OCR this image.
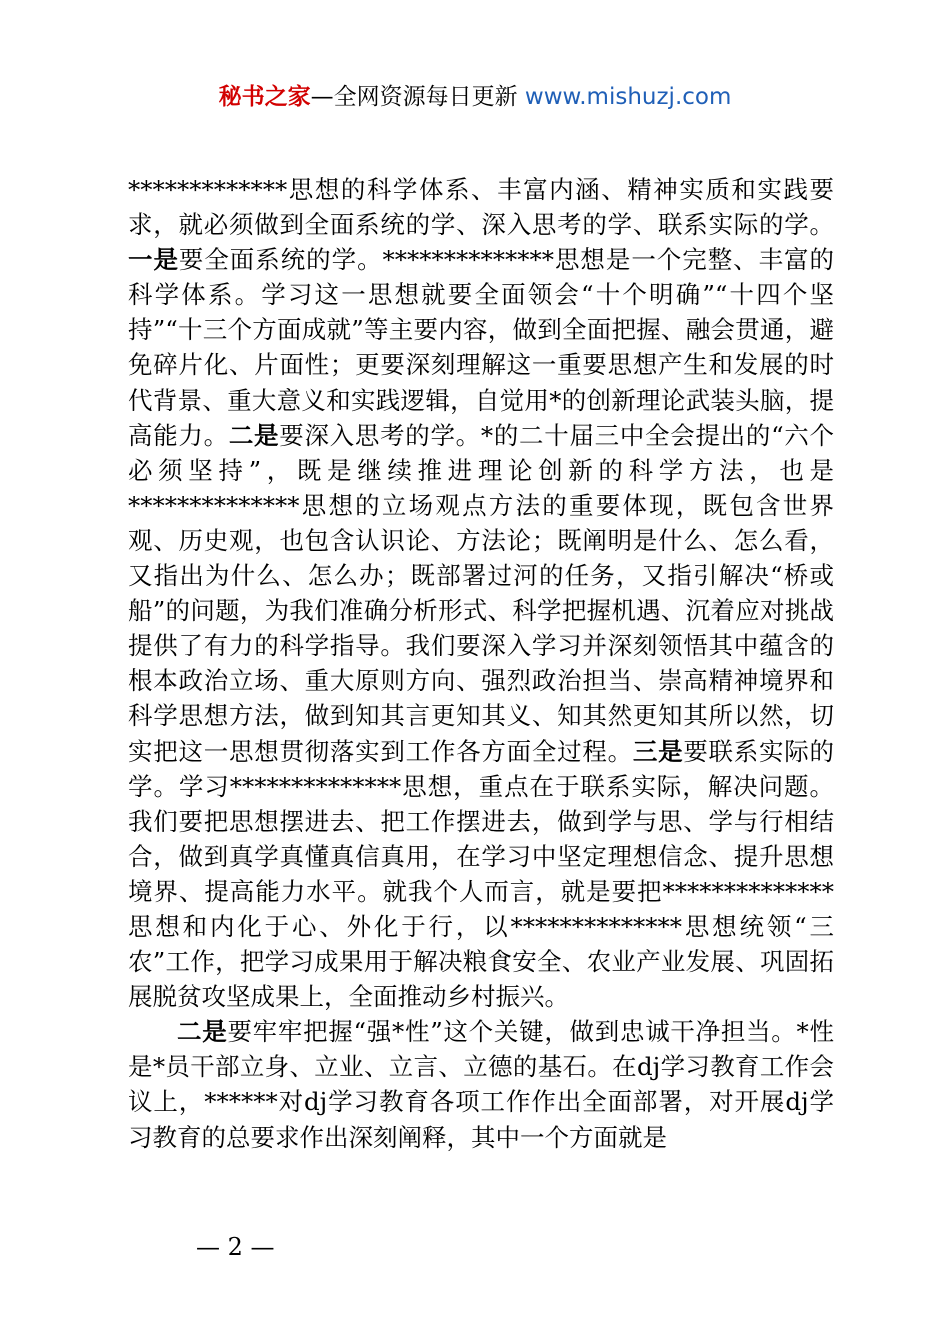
秘书之家—全网资源每日更新 www.mishuzj.com

*************思想的科学体系、丰富内涵、精神实质和实践要求，就必须做到全面系统的学、深入思考的学、联系实际的学。一是要全面系统的学。**************思想是一个完整、丰富的科学体系。学习这一思想就要全面领会“十个明确”“十四个坚持”“十三个方面成就”等主要内容，做到全面把握、融会贯通，避免碎片化、片面性；更要深刻理解这一重要思想产生和发展的时代背景、重大意义和实践逻辑，自觉用*的创新理论武装头脑，提高能力。二是要深入思考的学。*的二十届三中全会提出的“六个必须坚持”，既是继续推进理论创新的科学方法，也是**************思想的立场观点方法的重要体现，既包含世界观、历史观，也包含认识论、方法论；既阐明是什么、怎么看，又指出为什么、怎么办；既部署过河的任务，又指引解决“桥或船”的问题，为我们准确分析形式、科学把握机遇、沉着应对挑战提供了有力的科学指导。我们要深入学习并深刻领悟其中蕴含的根本政治立场、重大原则方向、强烈政治担当、崇高精神境界和科学思想方法，做到知其言更知其义、知其然更知其所以然，切实把这一思想贯彻落实到工作各方面全过程。三是要联系实际的学。学习**************思想，重点在于联系实际，解决问题。我们要把思想摆进去、把工作摆进去，做到学与思、学与行相结合，做到真学真懂真信真用，在学习中坚定理想信念、提升思想境界、提高能力水平。就我个人而言，就是要把**************思想和内化于心、外化于行，以**************思想统领“三农”工作，把学习成果用于解决粮食安全、农业产业发展、巩固拓展脱贫攻坚成果上，全面推动乡村振兴。

二是要牢牢把握“强*性”这个关键，做到忠诚干净担当。*性是*员干部立身、立业、立言、立德的基石。在dj学习教育工作会议上，******对dj学习教育各项工作作出全面部署，对开展dj学习教育的总要求作出深刻阐释，其中一个方面就是

— 2 —
